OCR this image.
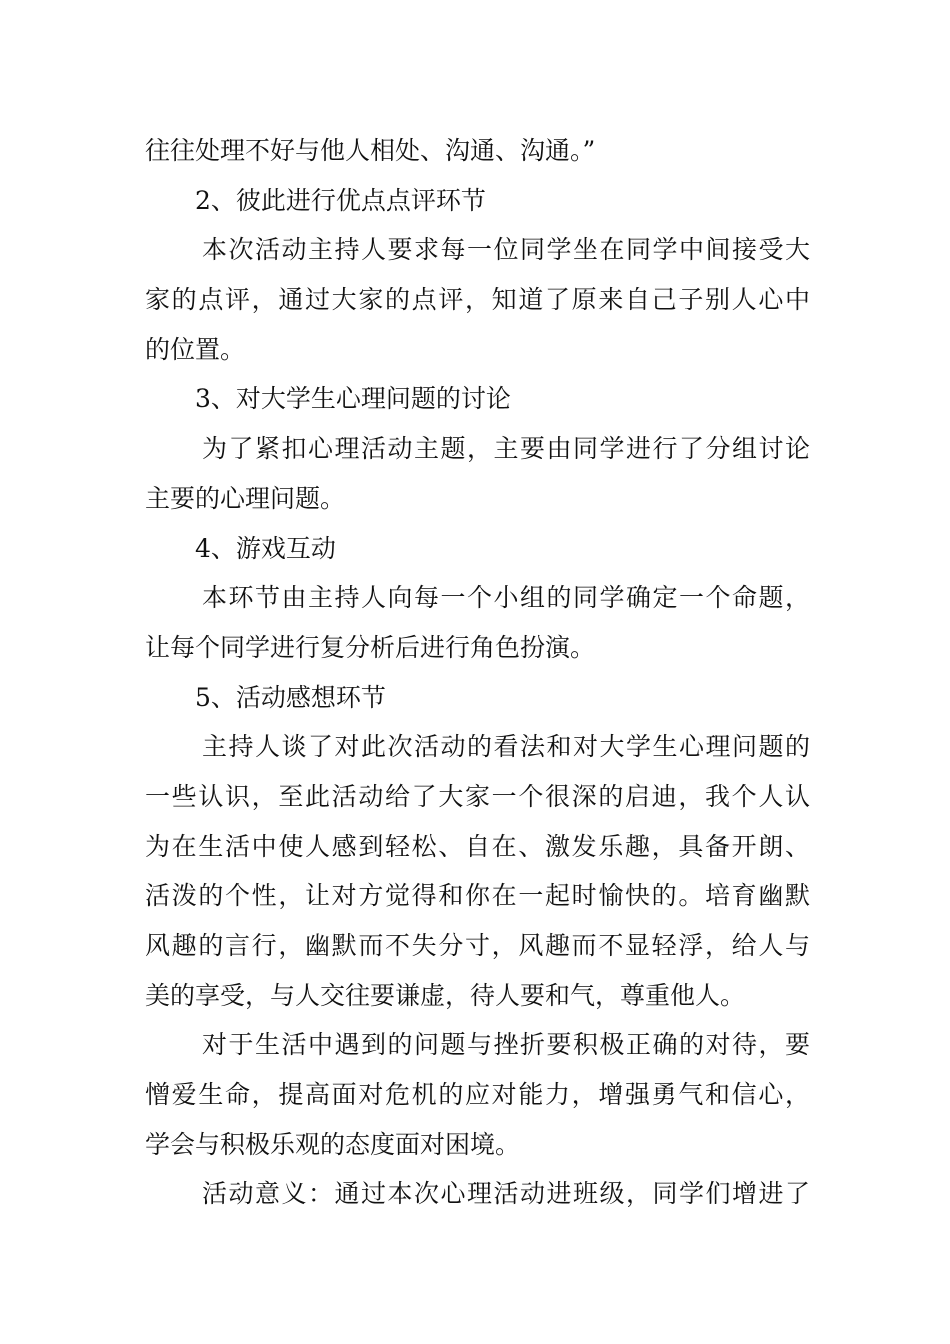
往往处理不好与他人相处、沟通、沟通。”
2、彼此进行优点点评环节
本次活动主持人要求每一位同学坐在同学中间接受大
家的点评，通过大家的点评，知道了原来自己子别人心中
的位置。
3、对大学生心理问题的讨论
为了紧扣心理活动主题，主要由同学进行了分组讨论
主要的心理问题。
4、游戏互动
本环节由主持人向每一个小组的同学确定一个命题，
让每个同学进行复分析后进行角色扮演。
5、活动感想环节
主持人谈了对此次活动的看法和对大学生心理问题的
一些认识，至此活动给了大家一个很深的启迪，我个人认
为在生活中使人感到轻松、自在、激发乐趣，具备开朗、
活泼的个性，让对方觉得和你在一起时愉快的。培育幽默
风趣的言行，幽默而不失分寸，风趣而不显轻浮，给人与
美的享受，与人交往要谦虚，待人要和气，尊重他人。
对于生活中遇到的问题与挫折要积极正确的对待，要
憎爱生命，提高面对危机的应对能力，增强勇气和信心，
学会与积极乐观的态度面对困境。
活动意义：通过本次心理活动进班级，同学们增进了
